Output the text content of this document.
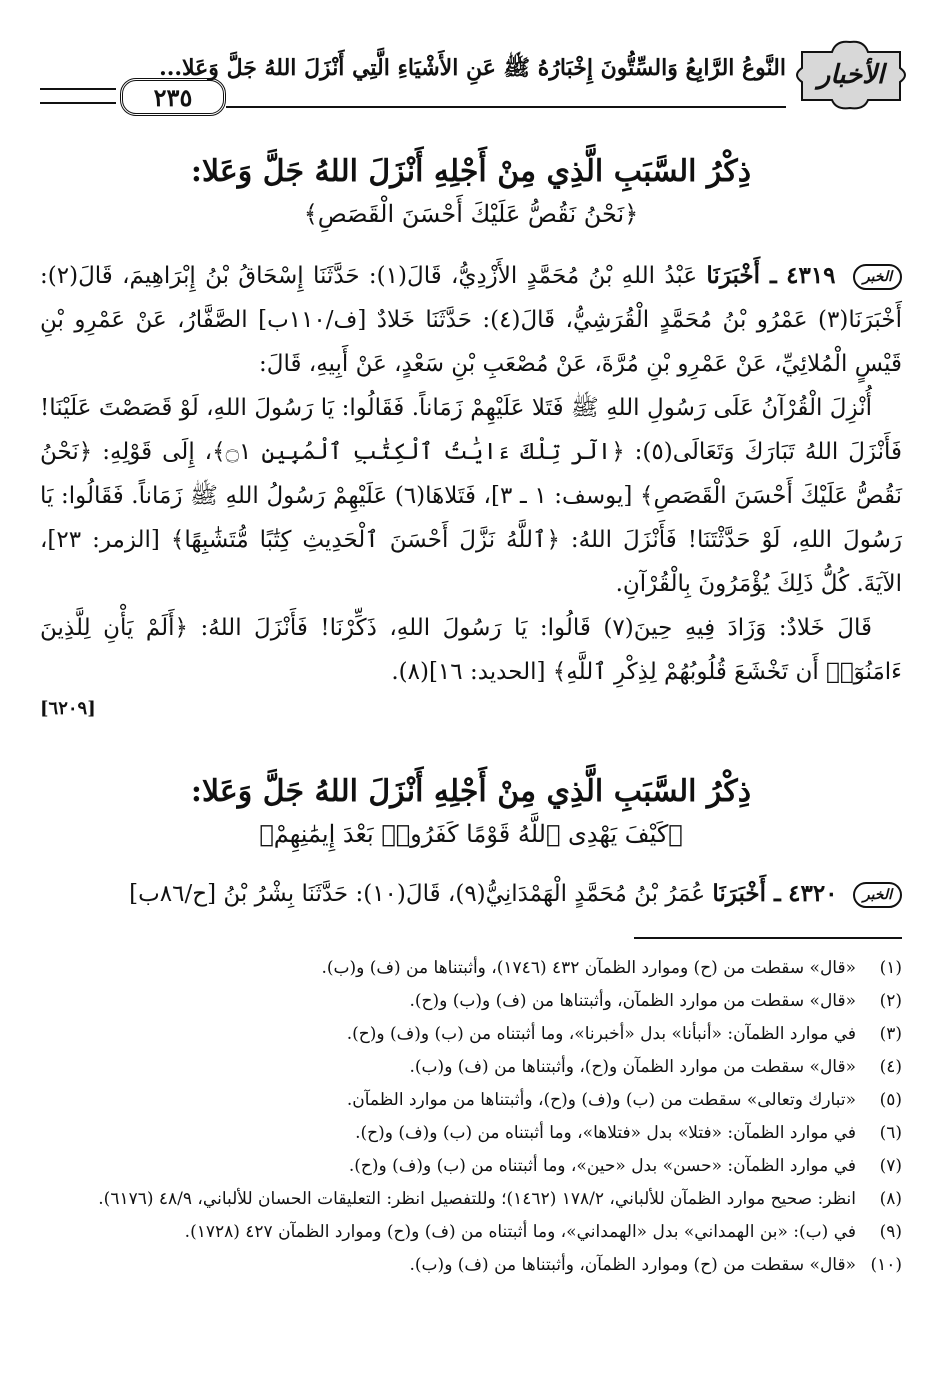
الأخبار
النَّوعُ الرَّابِعُ وَالسِّتُّونَ إِخْبَارُهُ ﷺ عَنِ الأَشْيَاءِ الَّتِي أَنْزَلَ اللهُ جَلَّ وَعَلا...
٢٣٥
ذِكْرُ السَّبَبِ الَّذِي مِنْ أَجْلِهِ أَنْزَلَ اللهُ جَلَّ وَعَلا:
﴿نَحْنُ نَقُصُّ عَلَيْكَ أَحْسَنَ الْقَصَصِ﴾

الخبر ٤٣١٩ ـ أَخْبَرَنَا عَبْدُ اللهِ بْنُ مُحَمَّدٍ الأَزْدِيُّ، قَالَ(١): حَدَّثَنَا إِسْحَاقُ بْنُ إِبْرَاهِيمَ، قَالَ(٢): أَخْبَرَنَا(٣) عَمْرُو بْنُ مُحَمَّدٍ الْقُرَشِيُّ، قَالَ(٤): حَدَّثَنَا خَلادٌ [ف/١١٠ب] الصَّفَّارُ، عَنْ عَمْرِو بْنِ قَيْسٍ الْمُلائِيِّ، عَنْ عَمْرِو بْنِ مُرَّةَ، عَنْ مُصْعَبِ بْنِ سَعْدٍ، عَنْ أَبِيهِ، قَالَ:

أُنْزِلَ الْقُرْآنُ عَلَى رَسُولِ اللهِ ﷺ فَتَلا عَلَيْهِمْ زَمَاناً. فَقَالُوا: يَا رَسُولَ اللهِ، لَوْ قَصَصْتَ عَلَيْنَا! فَأَنْزَلَ اللهُ تَبَارَكَ وَتَعَالَى(٥): ﴿الٓر تِلْكَ ءَايَٰتُ ٱلْكِتَٰبِ ٱلْمُبِينِ ۝١﴾، إِلَى قَوْلِهِ: ﴿نَحْنُ نَقُصُّ عَلَيْكَ أَحْسَنَ الْقَصَصِ﴾ [يوسف: ١ ـ ٣]، فَتَلاهَا(٦) عَلَيْهِمْ رَسُولُ اللهِ ﷺ زَمَاناً. فَقَالُوا: يَا رَسُولَ اللهِ، لَوْ حَدَّثْتَنَا! فَأَنْزَلَ اللهُ: ﴿ٱللَّهُ نَزَّلَ أَحْسَنَ ٱلْحَدِيثِ كِتَٰبًا مُّتَشَٰبِهًا﴾ [الزمر: ٢٣]، الآيَةَ. كُلُّ ذَلِكَ يُؤْمَرُونَ بِالْقُرْآنِ.

قَالَ خَلادٌ: وَزَادَ فِيهِ حِينَ(٧) قَالُوا: يَا رَسُولَ اللهِ، ذَكِّرْنَا! فَأَنْزَلَ اللهُ: ﴿أَلَمْ يَأْنِ لِلَّذِينَ ءَامَنُوٓا۟ أَن تَخْشَعَ قُلُوبُهُمْ لِذِكْرِ ٱللَّهِ﴾ [الحديد: ١٦](٨).

[٦٢٠٩]
ذِكْرُ السَّبَبِ الَّذِي مِنْ أَجْلِهِ أَنْزَلَ اللهُ جَلَّ وَعَلا:
﴿كَيْفَ يَهْدِى ٱللَّهُ قَوْمًا كَفَرُوا۟ بَعْدَ إِيمَٰنِهِمْ﴾

الخبر ٤٣٢٠ ـ أَخْبَرَنَا عُمَرُ بْنُ مُحَمَّدٍ الْهَمْدَانِيُّ(٩)، قَالَ(١٠): حَدَّثَنَا بِشْرُ بْنُ [ح/٨٦ب]

(١)
«قال» سقطت من (ح) وموارد الظمآن ٤٣٢ (١٧٤٦)، وأثبتناها من (ف) و(ب).
(٢)
«قال» سقطت من موارد الظمآن، وأثبتناها من (ف) و(ب) و(ح).
(٣)
في موارد الظمآن: «أنبأنا» بدل «أخبرنا»، وما أثبتناه من (ب) و(ف) و(ح).
(٤)
«قال» سقطت من موارد الظمآن و(ح)، وأثبتناها من (ف) و(ب).
(٥)
«تبارك وتعالى» سقطت من (ب) و(ف) و(ح)، وأثبتناها من موارد الظمآن.
(٦)
في موارد الظمآن: «فتلا» بدل «فتلاها»، وما أثبتناه من (ب) و(ف) و(ح).
(٧)
في موارد الظمآن: «حسن» بدل «حين»، وما أثبتناه من (ب) و(ف) و(ح).
(٨)
انظر: صحيح موارد الظمآن للألباني، ١٧٨/٢ (١٤٦٢)؛ وللتفصيل انظر: التعليقات الحسان للألباني، ٤٨/٩ (٦١٧٦).
(٩)
في (ب): «بن الهمداني» بدل «الهمداني»، وما أثبتناه من (ف) و(ح) وموارد الظمآن ٤٢٧ (١٧٢٨).
(١٠)
«قال» سقطت من (ح) وموارد الظمآن، وأثبتناها من (ف) و(ب).
